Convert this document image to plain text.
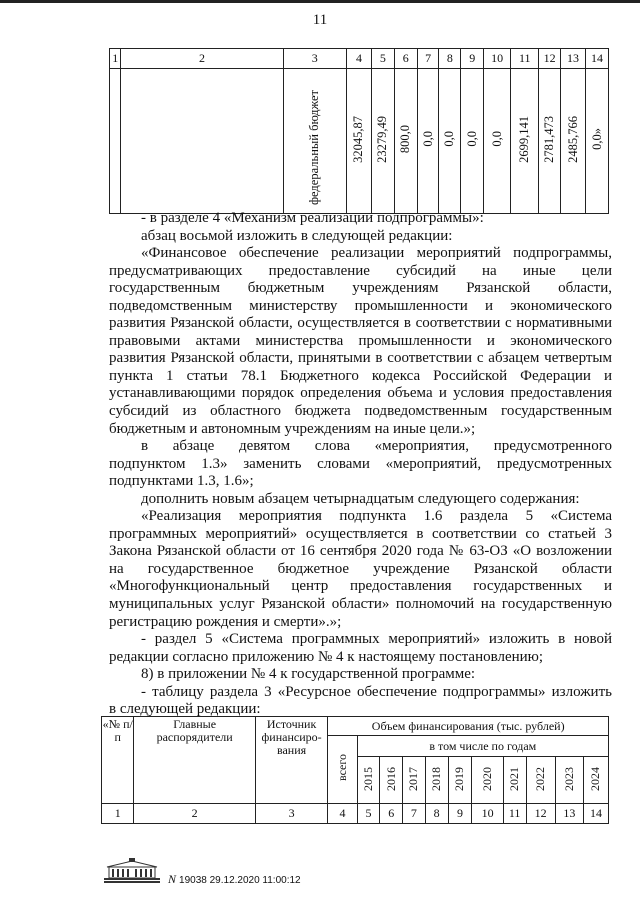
11
1	2	3	4	5	6	7	8	9	10	11	12	13	14
		федеральный бюджет	32045,87	23279,49	800,0	0,0	0,0	0,0	0,0	2699,141	2781,473	2485,766	0,0»

- в разделе 4 «Механизм реализации подпрограммы»:

абзац восьмой изложить в следующей редакции:

«Финансовое обеспечение реализации мероприятий подпрограммы,

предусматривающих предоставление субсидий на иные цели

государственным бюджетным учреждениям Рязанской области,

подведомственным министерству промышленности и экономического

развития Рязанской области, осуществляется в соответствии с нормативными

правовыми актами министерства промышленности и экономического

развития Рязанской области, принятыми в соответствии с абзацем четвертым

пункта 1 статьи 78.1 Бюджетного кодекса Российской Федерации и

устанавливающими порядок определения объема и условия предоставления

субсидий из областного бюджета подведомственным государственным

бюджетным и автономным учреждениям на иные цели.»;

в абзаце девятом слова «мероприятия, предусмотренного

подпунктом 1.3» заменить словами «мероприятий, предусмотренных

подпунктами 1.3, 1.6»;

дополнить новым абзацем четырнадцатым следующего содержания:

«Реализация мероприятия подпункта 1.6 раздела 5 «Система

программных мероприятий» осуществляется в соответствии со статьей 3

Закона Рязанской области от 16 сентября 2020 года № 63-ОЗ «О возложении

на государственное бюджетное учреждение Рязанской области

«Многофункциональный центр предоставления государственных и

муниципальных услуг Рязанской области» полномочий на государственную

регистрацию рождения и смерти».»;

- раздел 5 «Система программных мероприятий» изложить в новой

редакции согласно приложению № 4 к настоящему постановлению;

8) в приложении № 4 к государственной программе:

- таблицу раздела 3 «Ресурсное обеспечение подпрограммы» изложить

в следующей редакции:

«№ п/п	Главные распорядители	Источник финансиро-вания	Объем финансирования (тыс. рублей)										
			всего	в том числе по годам									
				2015	2016	2017	2018	2019	2020	2021	2022	2023	2024
1	2	3	4	5	6	7	8	9	10	11	12	13	14
N 19038 29.12.2020 11:00:12
